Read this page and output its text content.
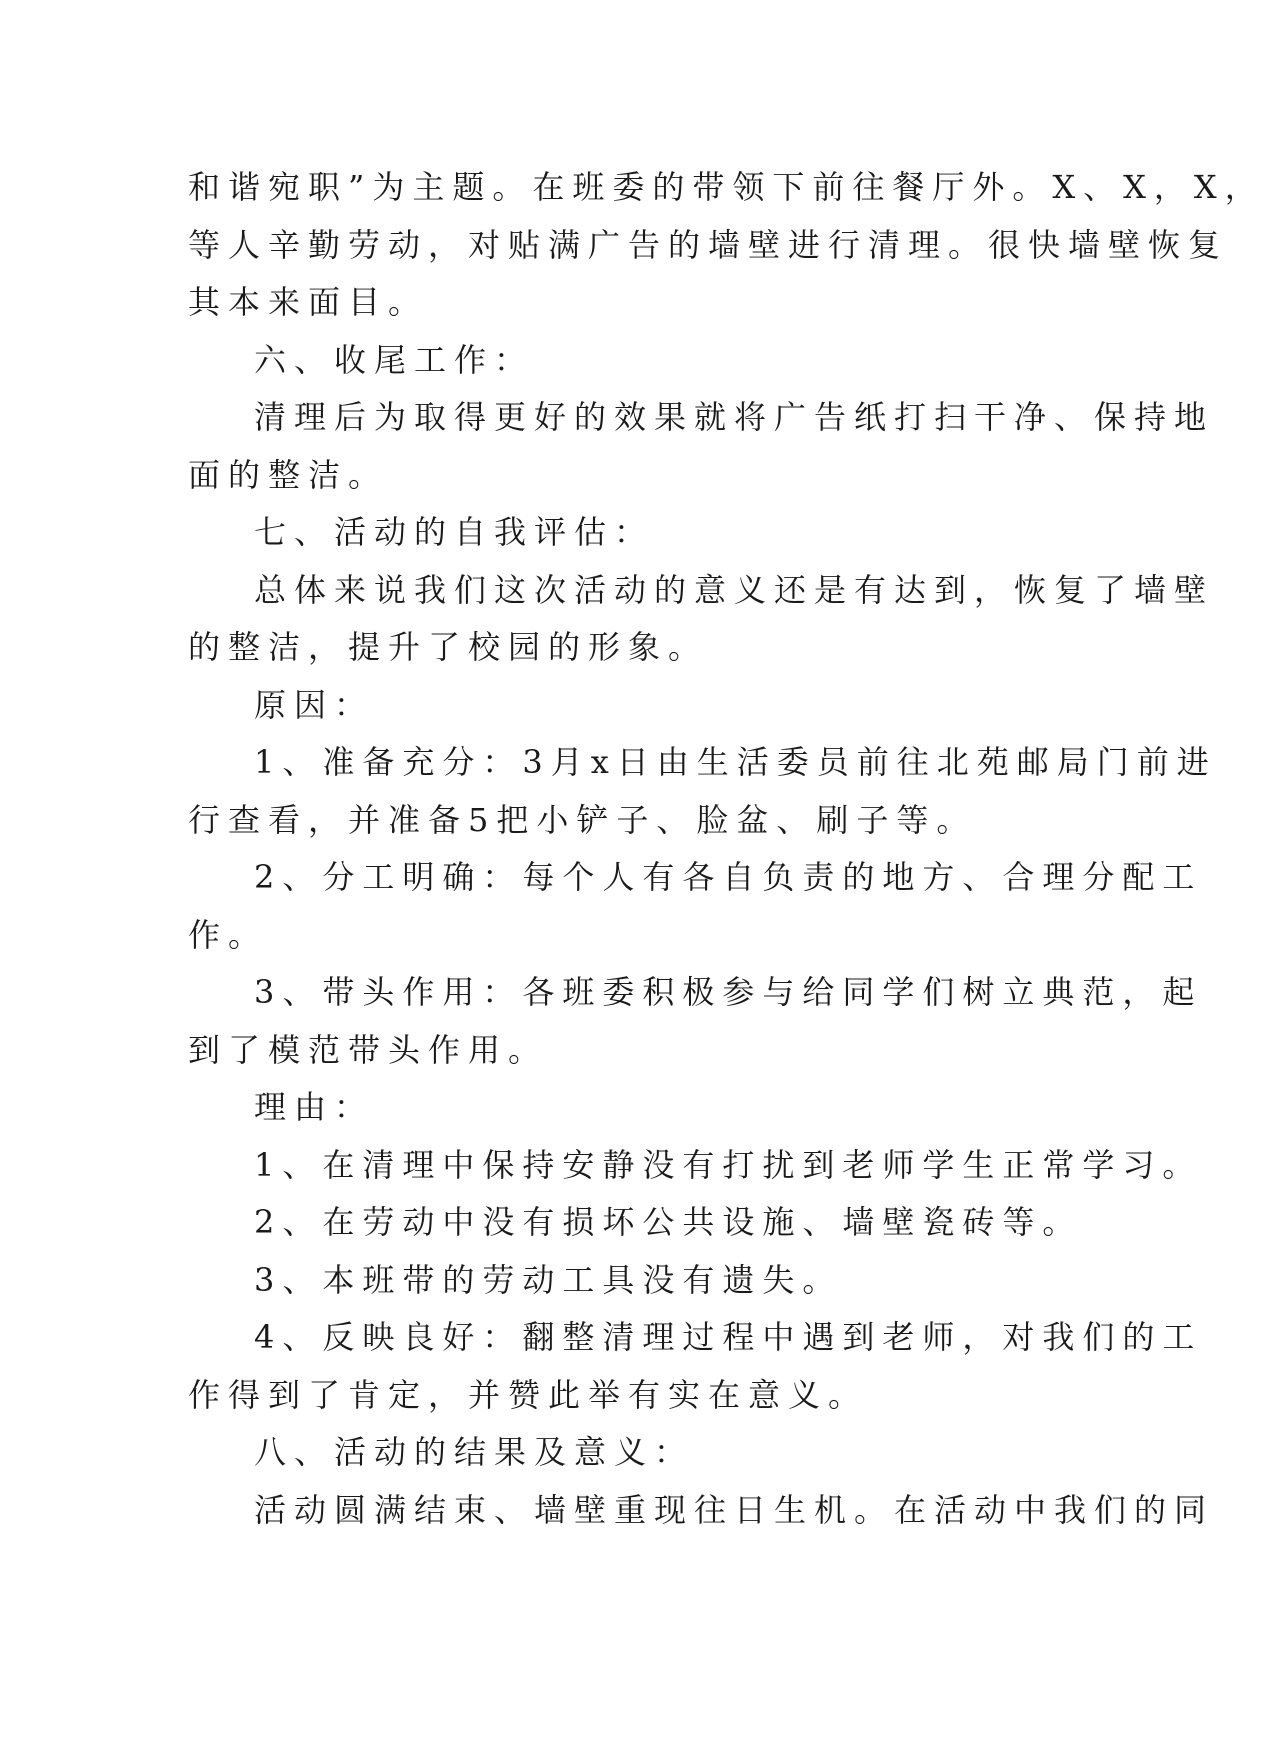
和谐宛职”为主题。在班委的带领下前往餐厅外。X、X，X，
等人辛勤劳动，对贴满广告的墙壁进行清理。很快墙壁恢复
其本来面目。
六、收尾工作：
清理后为取得更好的效果就将广告纸打扫干净、保持地
面的整洁。
七、活动的自我评估：
总体来说我们这次活动的意义还是有达到，恢复了墙壁
的整洁，提升了校园的形象。
原因：
1、准备充分：3月x日由生活委员前往北苑邮局门前进
行查看，并准备5把小铲子、脸盆、刷子等。
2、分工明确：每个人有各自负责的地方、合理分配工
作。
3、带头作用：各班委积极参与给同学们树立典范，起
到了模范带头作用。
理由：
1、在清理中保持安静没有打扰到老师学生正常学习。
2、在劳动中没有损坏公共设施、墙壁瓷砖等。
3、本班带的劳动工具没有遗失。
4、反映良好：翻整清理过程中遇到老师，对我们的工
作得到了肯定，并赞此举有实在意义。
八、活动的结果及意义：
活动圆满结束、墙壁重现往日生机。在活动中我们的同
